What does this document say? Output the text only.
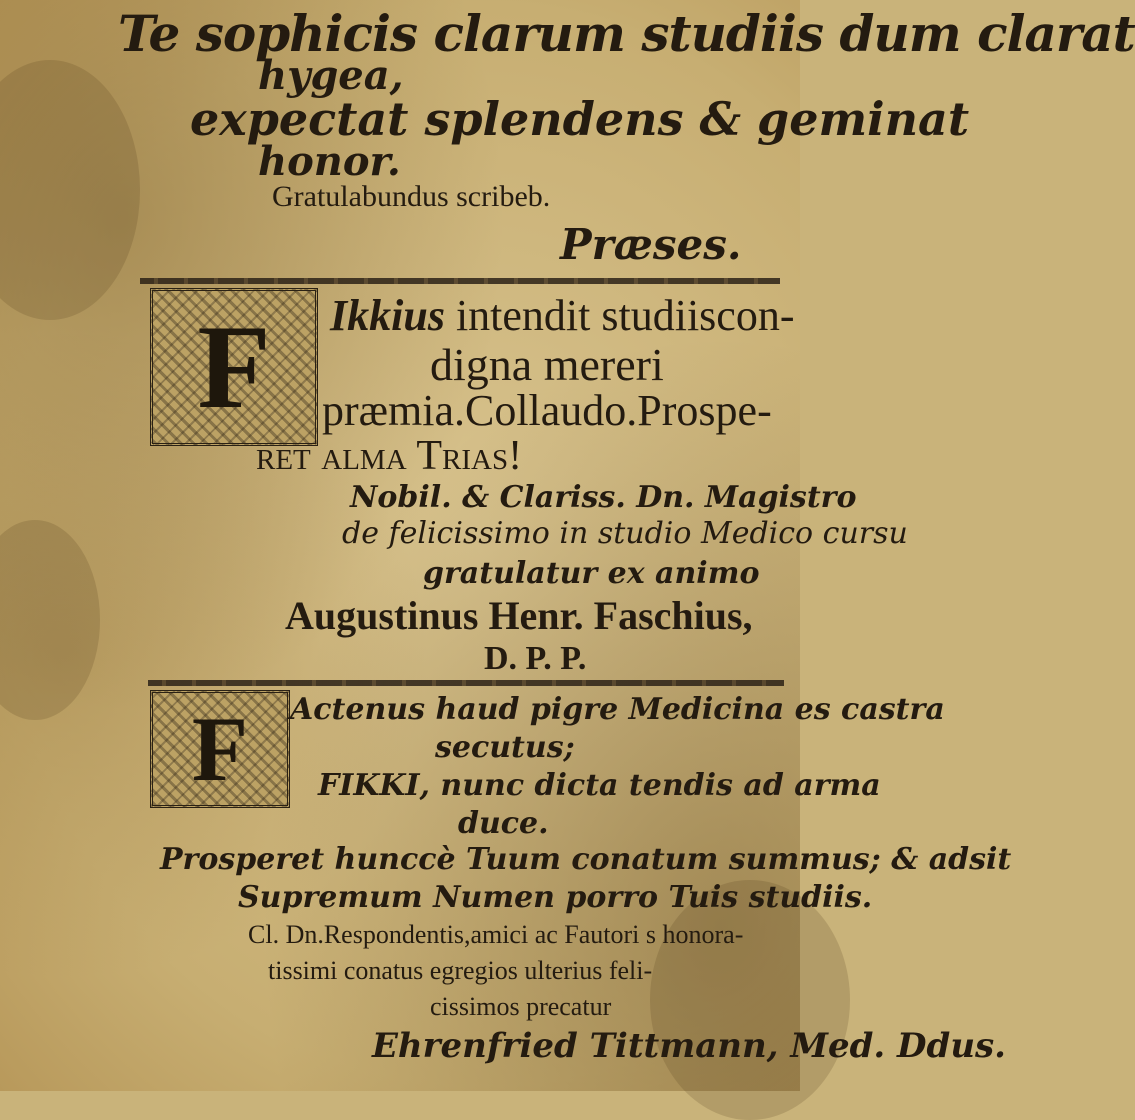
Te sophicis clarum studiis dum clarat
hygea,
expectat splendens & geminat
honor.
Gratulabundus scribeb.
Præses.
F	Ikkius intendit studiiscon-
digna mereri
præmia.Collaudo.Prospe-
ret alma Trias!
Nobil. & Clariss. Dn. Magistro
de felicissimo in studio Medico cursu
gratulatur ex animo
Augustinus Henr. Faschius,
D. P. P.
F	Actenus haud pigre Medicina es castra
secutus;
FIKKI, nunc dicta tendis ad arma
duce.
Prosperet hunccè Tuum conatum summus; & adsit
Supremum Numen porro Tuis studiis.
Cl. Dn.Respondentis,amici ac Fautori s honora-
tissimi conatus egregios ulterius feli-
cissimos precatur
Ehrenfried Tittmann, Med. Ddus.
